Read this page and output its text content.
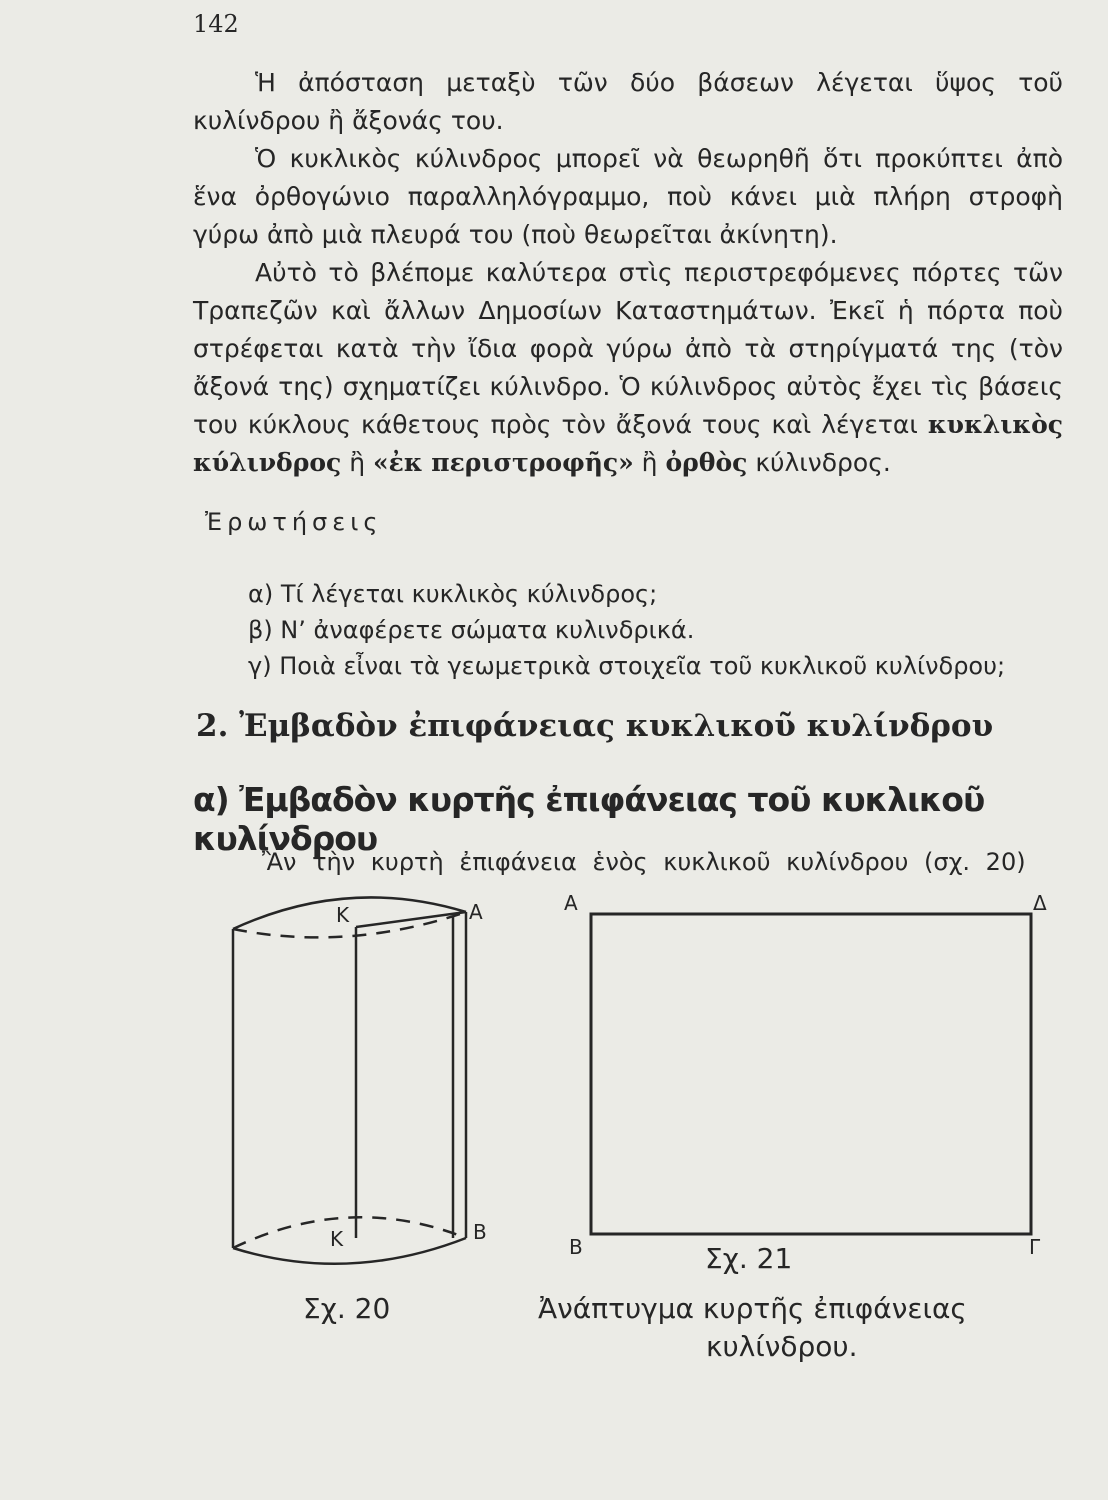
142

Ἡ ἀπόσταση μεταξὺ τῶν δύο βάσεων λέγεται ὕψος τοῦ κυλίνδρου ἢ ἄξονάς του.

Ὁ κυκλικὸς κύλινδρος μπορεῖ νὰ θεωρηθῆ ὅτι προκύπτει ἀπὸ ἕνα ὀρθογώνιο παραλληλόγραμμο, ποὺ κάνει μιὰ πλήρη στροφὴ γύρω ἀπὸ μιὰ πλευρά του (ποὺ θεωρεῖται ἀκίνητη).

Αὐτὸ τὸ βλέπομε καλύτερα στὶς περιστρεφόμενες πόρτες τῶν Τραπεζῶν καὶ ἄλλων Δημοσίων Καταστημάτων. Ἐκεῖ ἡ πόρτα ποὺ στρέφεται κατὰ τὴν ἴδια φορὰ γύρω ἀπὸ τὰ στηρίγματά της (τὸν ἄξονά της) σχηματίζει κύλινδρο. Ὁ κύλινδρος αὐτὸς ἔχει τὶς βάσεις του κύκλους κάθετους πρὸς τὸν ἄξονά τους καὶ λέγεται κυκλικὸς κύλινδρος ἢ «ἐκ περιστροφῆς» ἢ ὀρθὸς κύλινδρος.

Ἐρωτήσεις
α) Τί λέγεται κυκλικὸς κύλινδρος;
β) Ν’ ἀναφέρετε σώματα κυλινδρικά.
γ) Ποιὰ εἶναι τὰ γεωμετρικὰ στοιχεῖα τοῦ κυκλικοῦ κυλίνδρου;
2. Ἐμβαδὸν ἐπιφάνειας κυκλικοῦ κυλίνδρου
α) Ἐμβαδὸν κυρτῆς ἐπιφάνειας τοῦ κυκλικοῦ κυλίνδρου
Ἂν τὴν κυρτὴ ἐπιφάνεια ἑνὸς κυκλικοῦ κυλίνδρου (σχ. 20)
Κ	Α
Κ	Β
Σχ. 20
Α	Δ
Β	Γ
Σχ. 21
Ἀνάπτυγμα κυρτῆς ἐπιφάνειας
κυλίνδρου.
